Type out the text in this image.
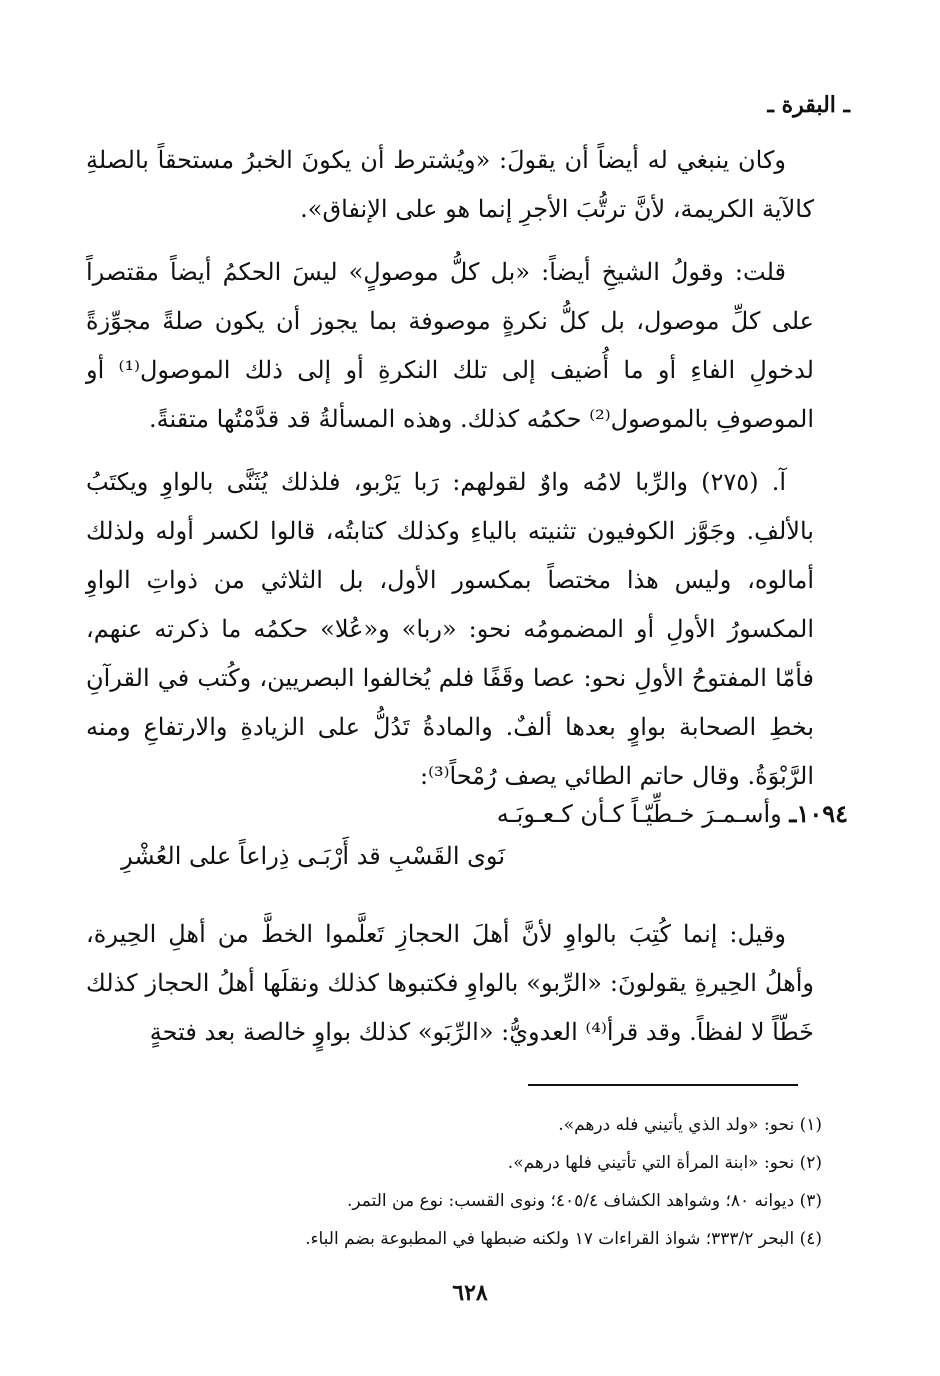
ـ البقرة ـ

وكان ينبغي له أيضاً أن يقولَ: «ويُشترط أن يكونَ الخبرُ مستحقاً بالصلةِ كالآية الكريمة، لأنَّ ترتُّبَ الأجرِ إنما هو على الإنفاق».

قلت: وقولُ الشيخِ أيضاً: «بل كلُّ موصولٍ» ليسَ الحكمُ أيضاً مقتصراً على كلِّ موصول، بل كلُّ نكرةٍ موصوفة بما يجوز أن يكون صلةً مجوِّزةً لدخولِ الفاءِ أو ما أُضيف إلى تلك النكرةِ أو إلى ذلك الموصول⁽¹⁾ أو الموصوفِ بالموصول⁽²⁾ حكمُه كذلك. وهذه المسألةُ قد قدَّمْتُها متقنةً.

آ. (٢٧٥) والرِّبا لامُه واوٌ لقولهم: رَبا يَرْبو، فلذلك يُثَنَّى بالواوِ ويكتَبُ بالألفِ. وجَوَّز الكوفيون تثنيته بالياءِ وكذلك كتابتُه، قالوا لكسر أوله ولذلك أمالوه، وليس هذا مختصاً بمكسور الأول، بل الثلاثي من ذواتِ الواوِ المكسورُ الأولِ أو المضمومُه نحو: «ربا» و«عُلا» حكمُه ما ذكرته عنهم، فأمّا المفتوحُ الأولِ نحو: عصا وقَفًا فلم يُخالفوا البصريين، وكُتب في القرآنِ بخطِ الصحابة بواوٍ بعدها ألفٌ. والمادةُ تَدُلُّ على الزيادةِ والارتفاعِ ومنه الرَّبْوَةُ. وقال حاتم الطائي يصف رُمْحاً⁽³⁾:

١٠٩٤ـ وأسـمـرَ خـطِّيّـاً كـأن كـعـوبَـه
نَوى القَسْبِ قد أَرْبَـى ذِراعاً على العُشْرِ

وقيل: إنما كُتِبَ بالواوِ لأنَّ أهلَ الحجازِ تَعلَّموا الخطَّ من أهلِ الحِيرة، وأهلُ الحِيرةِ يقولونَ: «الرِّبو» بالواوِ فكتبوها كذلك ونقلَها أهلُ الحجاز كذلك خَطّاً لا لفظاً. وقد قرأ⁽⁴⁾ العدويُّ: «الرِّبَو» كذلك بواوٍ خالصة بعد فتحةٍ

(١) نحو: «ولد الذي يأتيني فله درهم».

(٢) نحو: «ابنة المرأة التي تأتيني فلها درهم».

(٣) ديوانه ٨٠؛ وشواهد الكشاف ٤٠٥/٤؛ ونوى القسب: نوع من التمر.

(٤) البحر ٣٣٣/٢؛ شواذ القراءات ١٧ ولكنه ضبطها في المطبوعة بضم الباء.

٦٢٨
